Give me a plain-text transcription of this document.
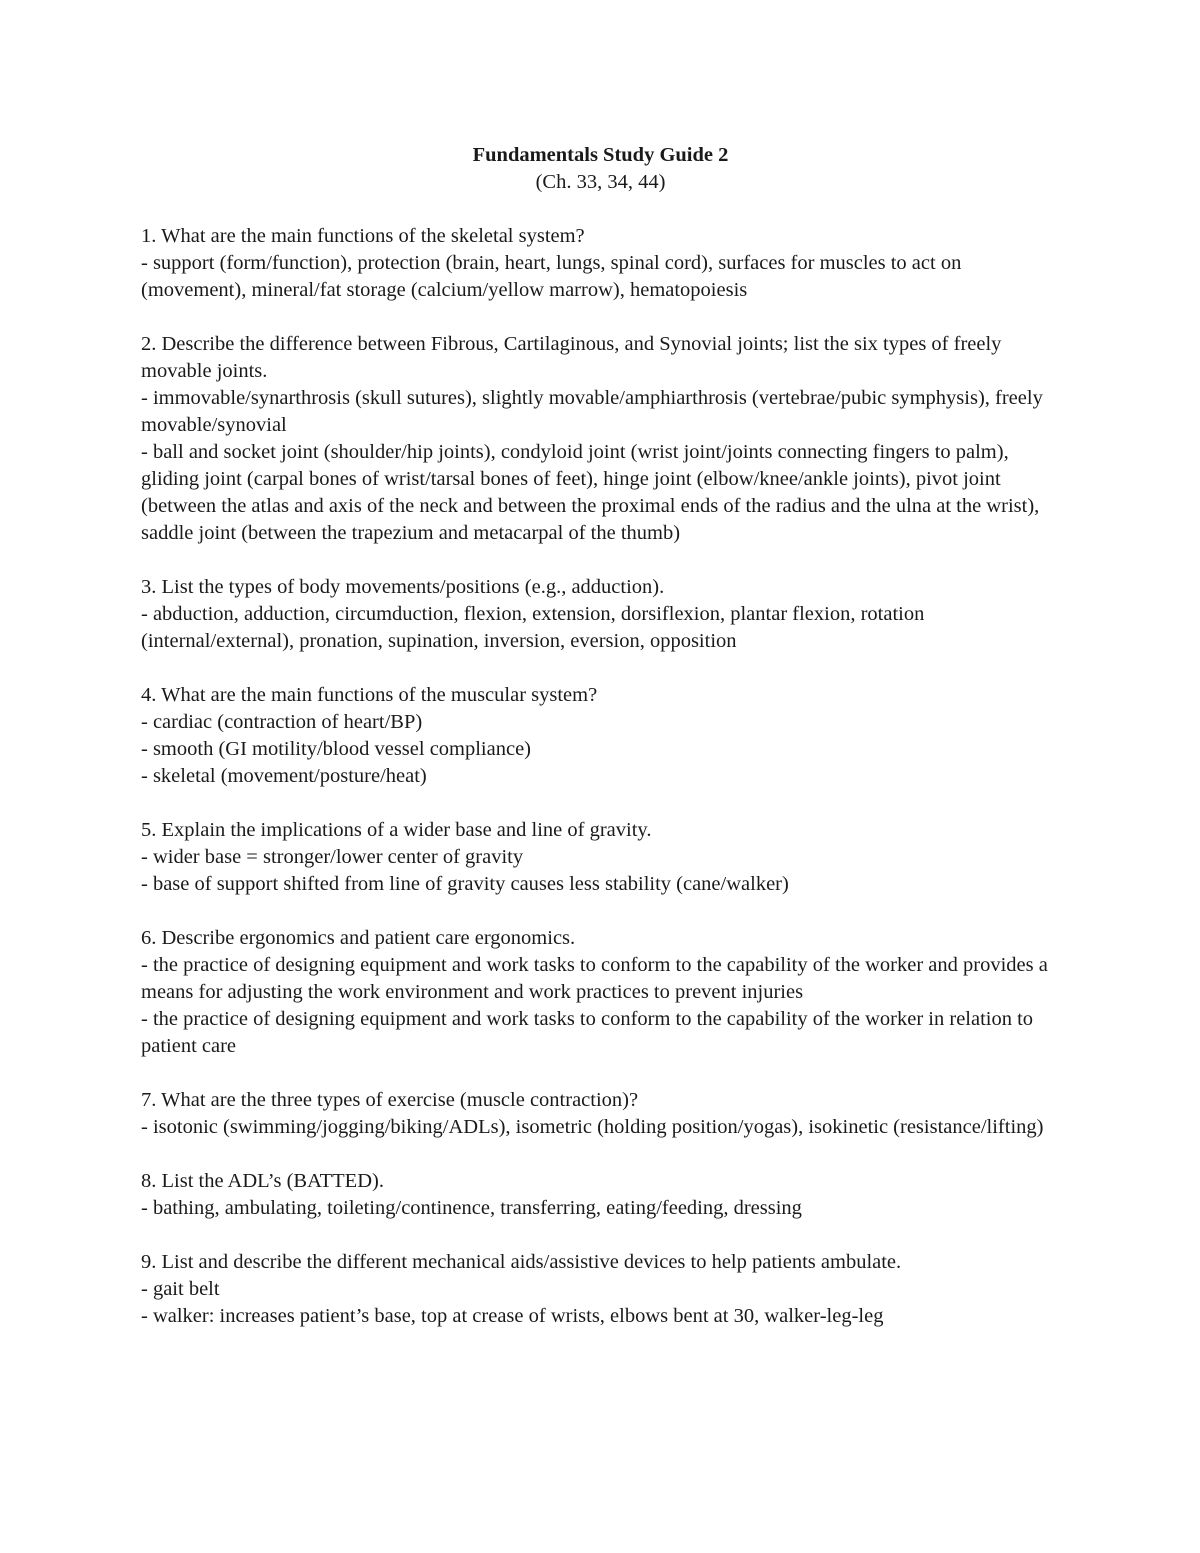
Fundamentals Study Guide 2

(Ch. 33, 34, 44)

1. What are the main functions of the skeletal system?
- support (form/function), protection (brain, heart, lungs, spinal cord), surfaces for muscles to act on (movement), mineral/fat storage (calcium/yellow marrow), hematopoiesis
2. Describe the difference between Fibrous, Cartilaginous, and Synovial joints; list the six types of freely movable joints.
- immovable/synarthrosis (skull sutures), slightly movable/amphiarthrosis (vertebrae/pubic symphysis), freely movable/synovial
- ball and socket joint (shoulder/hip joints), condyloid joint (wrist joint/joints connecting fingers to palm), gliding joint (carpal bones of wrist/tarsal bones of feet), hinge joint (elbow/knee/ankle joints), pivot joint (between the atlas and axis of the neck and between the proximal ends of the radius and the ulna at the wrist), saddle joint (between the trapezium and metacarpal of the thumb)
3. List the types of body movements/positions (e.g., adduction).
- abduction, adduction, circumduction, flexion, extension, dorsiflexion, plantar flexion, rotation (internal/external), pronation, supination, inversion, eversion, opposition
4. What are the main functions of the muscular system?
- cardiac (contraction of heart/BP)
- smooth (GI motility/blood vessel compliance)
- skeletal (movement/posture/heat)
5. Explain the implications of a wider base and line of gravity.
- wider base = stronger/lower center of gravity
- base of support shifted from line of gravity causes less stability (cane/walker)
6. Describe ergonomics and patient care ergonomics.
- the practice of designing equipment and work tasks to conform to the capability of the worker and provides a means for adjusting the work environment and work practices to prevent injuries
- the practice of designing equipment and work tasks to conform to the capability of the worker in relation to patient care
7. What are the three types of exercise (muscle contraction)?
- isotonic (swimming/jogging/biking/ADLs), isometric (holding position/yogas), isokinetic (resistance/lifting)
8. List the ADL’s (BATTED).
- bathing, ambulating, toileting/continence, transferring, eating/feeding, dressing
9. List and describe the different mechanical aids/assistive devices to help patients ambulate.
- gait belt
- walker: increases patient’s base, top at crease of wrists, elbows bent at 30, walker-leg-leg
